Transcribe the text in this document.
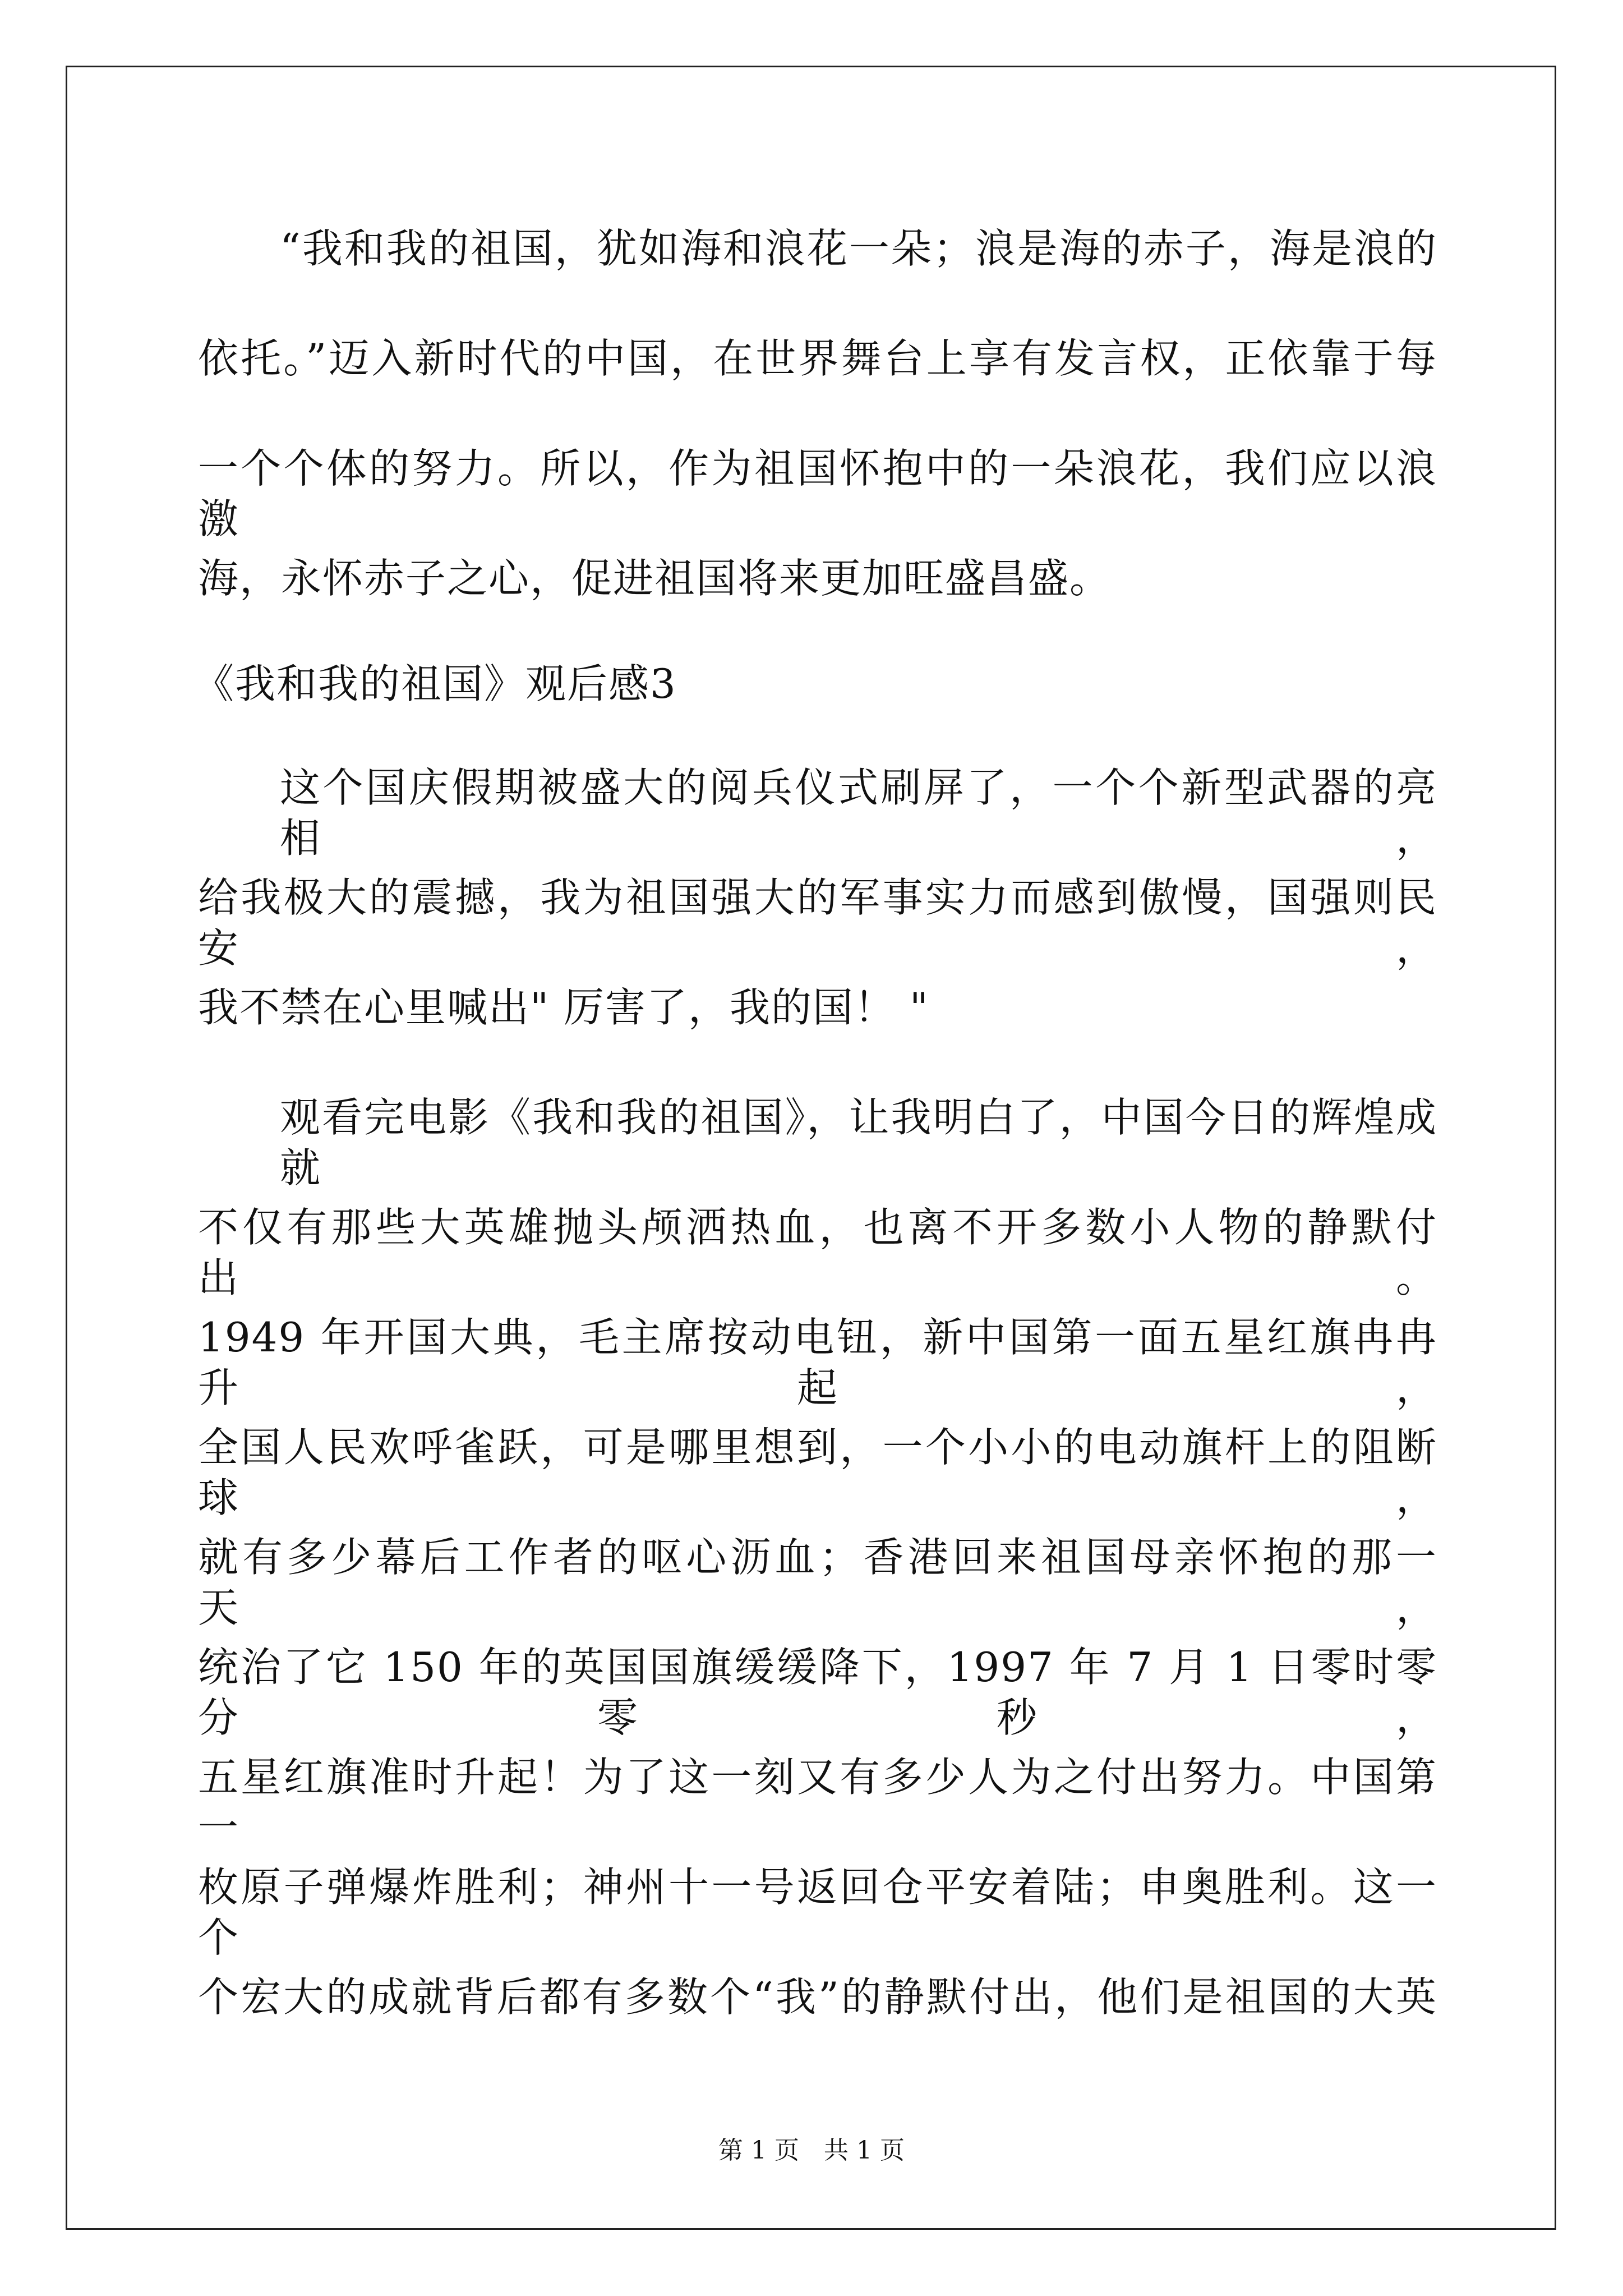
“我和我的祖国，犹如海和浪花一朵；浪是海的赤子，海是浪的
依托。”迈入新时代的中国，在世界舞台上享有发言权，正依靠于每
一个个体的努力。所以，作为祖国怀抱中的一朵浪花，我们应以浪激
海，永怀赤子之心，促进祖国将来更加旺盛昌盛。
《我和我的祖国》观后感3
这个国庆假期被盛大的阅兵仪式刷屏了，一个个新型武器的亮相，
给我极大的震撼，我为祖国强大的军事实力而感到傲慢，国强则民安，
我不禁在心里喊出" 厉害了，我的国！ "
观看完电影《我和我的祖国》，让我明白了，中国今日的辉煌成就
不仅有那些大英雄抛头颅洒热血，也离不开多数小人物的静默付出。
1949 年开国大典，毛主席按动电钮，新中国第一面五星红旗冉冉升起，
全国人民欢呼雀跃，可是哪里想到，一个小小的电动旗杆上的阻断球，
就有多少幕后工作者的呕心沥血；香港回来祖国母亲怀抱的那一天，
统治了它 150 年的英国国旗缓缓降下，1997 年 7 月 1 日零时零分零秒，
五星红旗准时升起！为了这一刻又有多少人为之付出努力。中国第一
枚原子弹爆炸胜利；神州十一号返回仓平安着陆；申奥胜利。这一个
个宏大的成就背后都有多数个“我”的静默付出，他们是祖国的大英
第 1 页　共 1 页
